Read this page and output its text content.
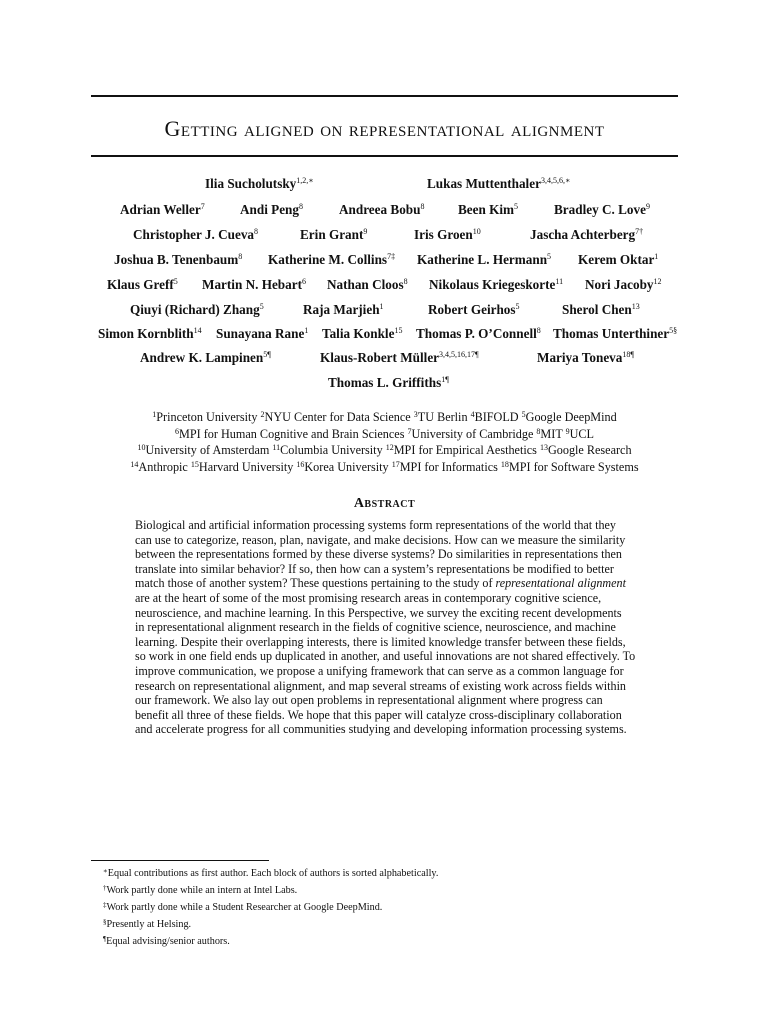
Getting aligned on representational alignment
Ilia Sucholutsky$^{1,2,∗}$	Lukas Muttenthaler$^{3,4,5,6,∗}$
Adrian Weller$^7$	Andi Peng$^8$	Andreea Bobu$^8$	Been Kim$^5$	Bradley C. Love$^9$
Christopher J. Cueva$^8$	Erin Grant$^9$	Iris Groen$^{10}$	Jascha Achterberg$^{7\dagger}$
Joshua B. Tenenbaum$^8$ Katherine M. Collins$^{7\ddagger}$ Katherine L. Hermann$^5$ Kerem Oktar$^1$
Klaus Greff$^5$ Martin N. Hebart$^6$ Nathan Cloos$^8$ Nikolaus Kriegeskorte$^{11}$ Nori Jacoby$^{12}$
Qiuyi (Richard) Zhang$^5$	Raja Marjieh$^1$	Robert Geirhos$^5$	Sherol Chen$^{13}$
Simon Kornblith$^{14}$ Sunayana Rane$^1$ Talia Konkle$^{15}$ Thomas P. O’Connell$^8$ Thomas Unterthiner$^{5\S}$
Andrew K. Lampinen$^{5\P}$	Klaus-Robert Müller$^{3,4,5,16,17\P}$	Mariya Toneva$^{18\P}$
Thomas L. Griffiths$^{1\P}$
$^1$Princeton University $^2$NYU Center for Data Science $^3$TU Berlin $^4$BIFOLD $^5$Google DeepMind
$^6$MPI for Human Cognitive and Brain Sciences $^7$University of Cambridge $^8$MIT $^9$UCL
$^{10}$University of Amsterdam $^{11}$Columbia University $^{12}$MPI for Empirical Aesthetics $^{13}$Google Research
$^{14}$Anthropic $^{15}$Harvard University $^{16}$Korea University $^{17}$MPI for Informatics $^{18}$MPI for Software Systems
Abstract
Biological and artificial information processing systems form representations of the world that they
can use to categorize, reason, plan, navigate, and make decisions. How can we measure the similarity
between the representations formed by these diverse systems? Do similarities in representations then
translate into similar behavior? If so, then how can a system’s representations be modified to better
match those of another system? These questions pertaining to the study of representational alignment
are at the heart of some of the most promising research areas in contemporary cognitive science,
neuroscience, and machine learning. In this Perspective, we survey the exciting recent developments
in representational alignment research in the fields of cognitive science, neuroscience, and machine
learning. Despite their overlapping interests, there is limited knowledge transfer between these fields,
so work in one field ends up duplicated in another, and useful innovations are not shared effectively. To
improve communication, we propose a unifying framework that can serve as a common language for
research on representational alignment, and map several streams of existing work across fields within
our framework. We also lay out open problems in representational alignment where progress can
benefit all three of these fields. We hope that this paper will catalyze cross-disciplinary collaboration
and accelerate progress for all communities studying and developing information processing systems.
∗Equal contributions as first author. Each block of authors is sorted alphabetically.
†Work partly done while an intern at Intel Labs.
‡Work partly done while a Student Researcher at Google DeepMind.
§Presently at Helsing.
¶Equal advising/senior authors.
